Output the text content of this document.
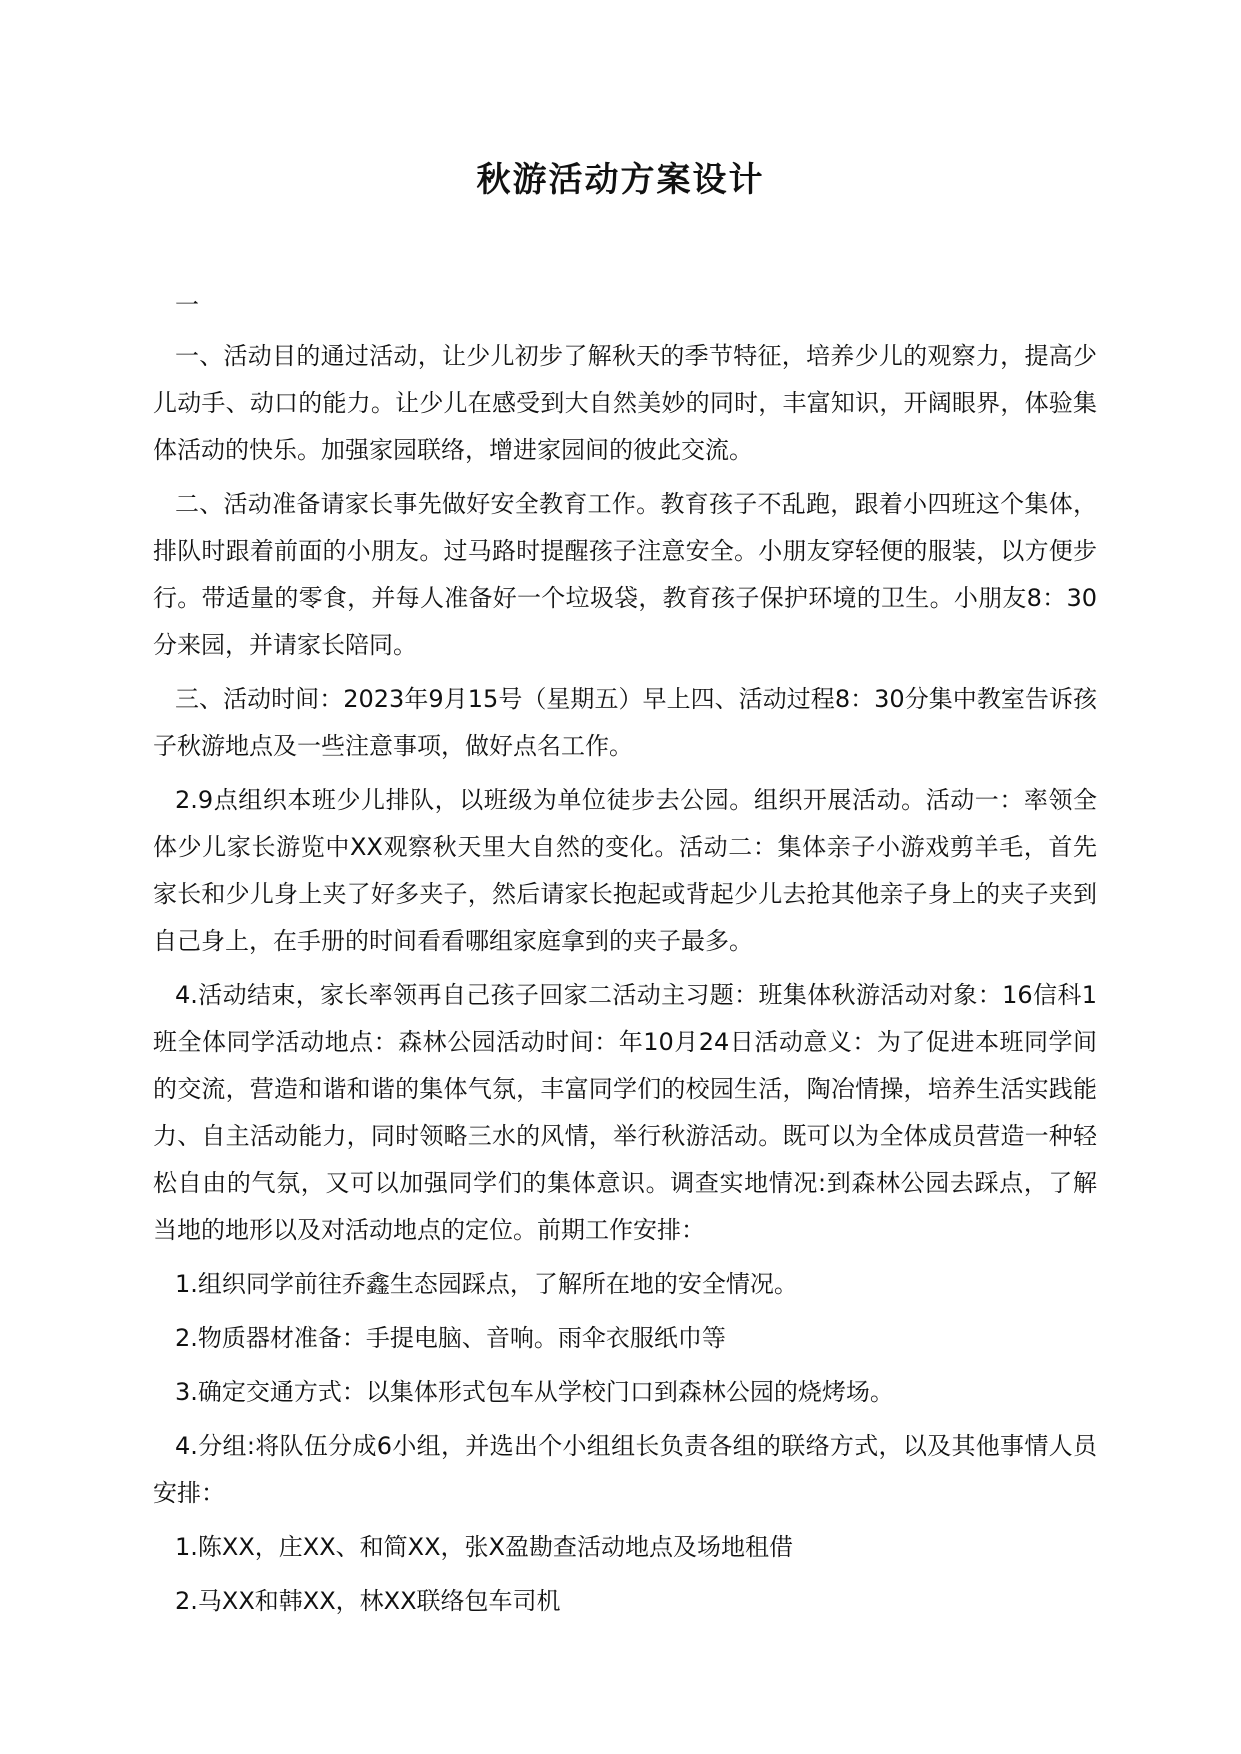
秋游活动方案设计

一

一、活动目的通过活动，让少儿初步了解秋天的季节特征，培养少儿的观察力，提高少儿动手、动口的能力。让少儿在感受到大自然美妙的同时，丰富知识，开阔眼界，体验集体活动的快乐。加强家园联络，增进家园间的彼此交流。

二、活动准备请家长事先做好安全教育工作。教育孩子不乱跑，跟着小四班这个集体，排队时跟着前面的小朋友。过马路时提醒孩子注意安全。小朋友穿轻便的服装，以方便步行。带适量的零食，并每人准备好一个垃圾袋，教育孩子保护环境的卫生。小朋友8：30分来园，并请家长陪同。

三、活动时间：2023年9月15号（星期五）早上四、活动过程8：30分集中教室告诉孩子秋游地点及一些注意事项，做好点名工作。

2.9点组织本班少儿排队，以班级为单位徒步去公园。组织开展活动。活动一：率领全体少儿家长游览中XX观察秋天里大自然的变化。活动二：集体亲子小游戏剪羊毛，首先家长和少儿身上夹了好多夹子，然后请家长抱起或背起少儿去抢其他亲子身上的夹子夹到自己身上，在手册的时间看看哪组家庭拿到的夹子最多。

4.活动结束，家长率领再自己孩子回家二活动主习题：班集体秋游活动对象：16信科1班全体同学活动地点：森林公园活动时间：年10月24日活动意义：为了促进本班同学间的交流，营造和谐和谐的集体气氛，丰富同学们的校园生活，陶冶情操，培养生活实践能力、自主活动能力，同时领略三水的风情，举行秋游活动。既可以为全体成员营造一种轻松自由的气氛，又可以加强同学们的集体意识。调查实地情况:到森林公园去踩点，了解当地的地形以及对活动地点的定位。前期工作安排：

1.组织同学前往乔鑫生态园踩点，了解所在地的安全情况。

2.物质器材准备：手提电脑、音响。雨伞衣服纸巾等

3.确定交通方式：以集体形式包车从学校门口到森林公园的烧烤场。

4.分组:将队伍分成6小组，并选出个小组组长负责各组的联络方式，以及其他事情人员安排：

1.陈XX，庄XX、和简XX，张X盈勘查活动地点及场地租借

2.马XX和韩XX，林XX联络包车司机
